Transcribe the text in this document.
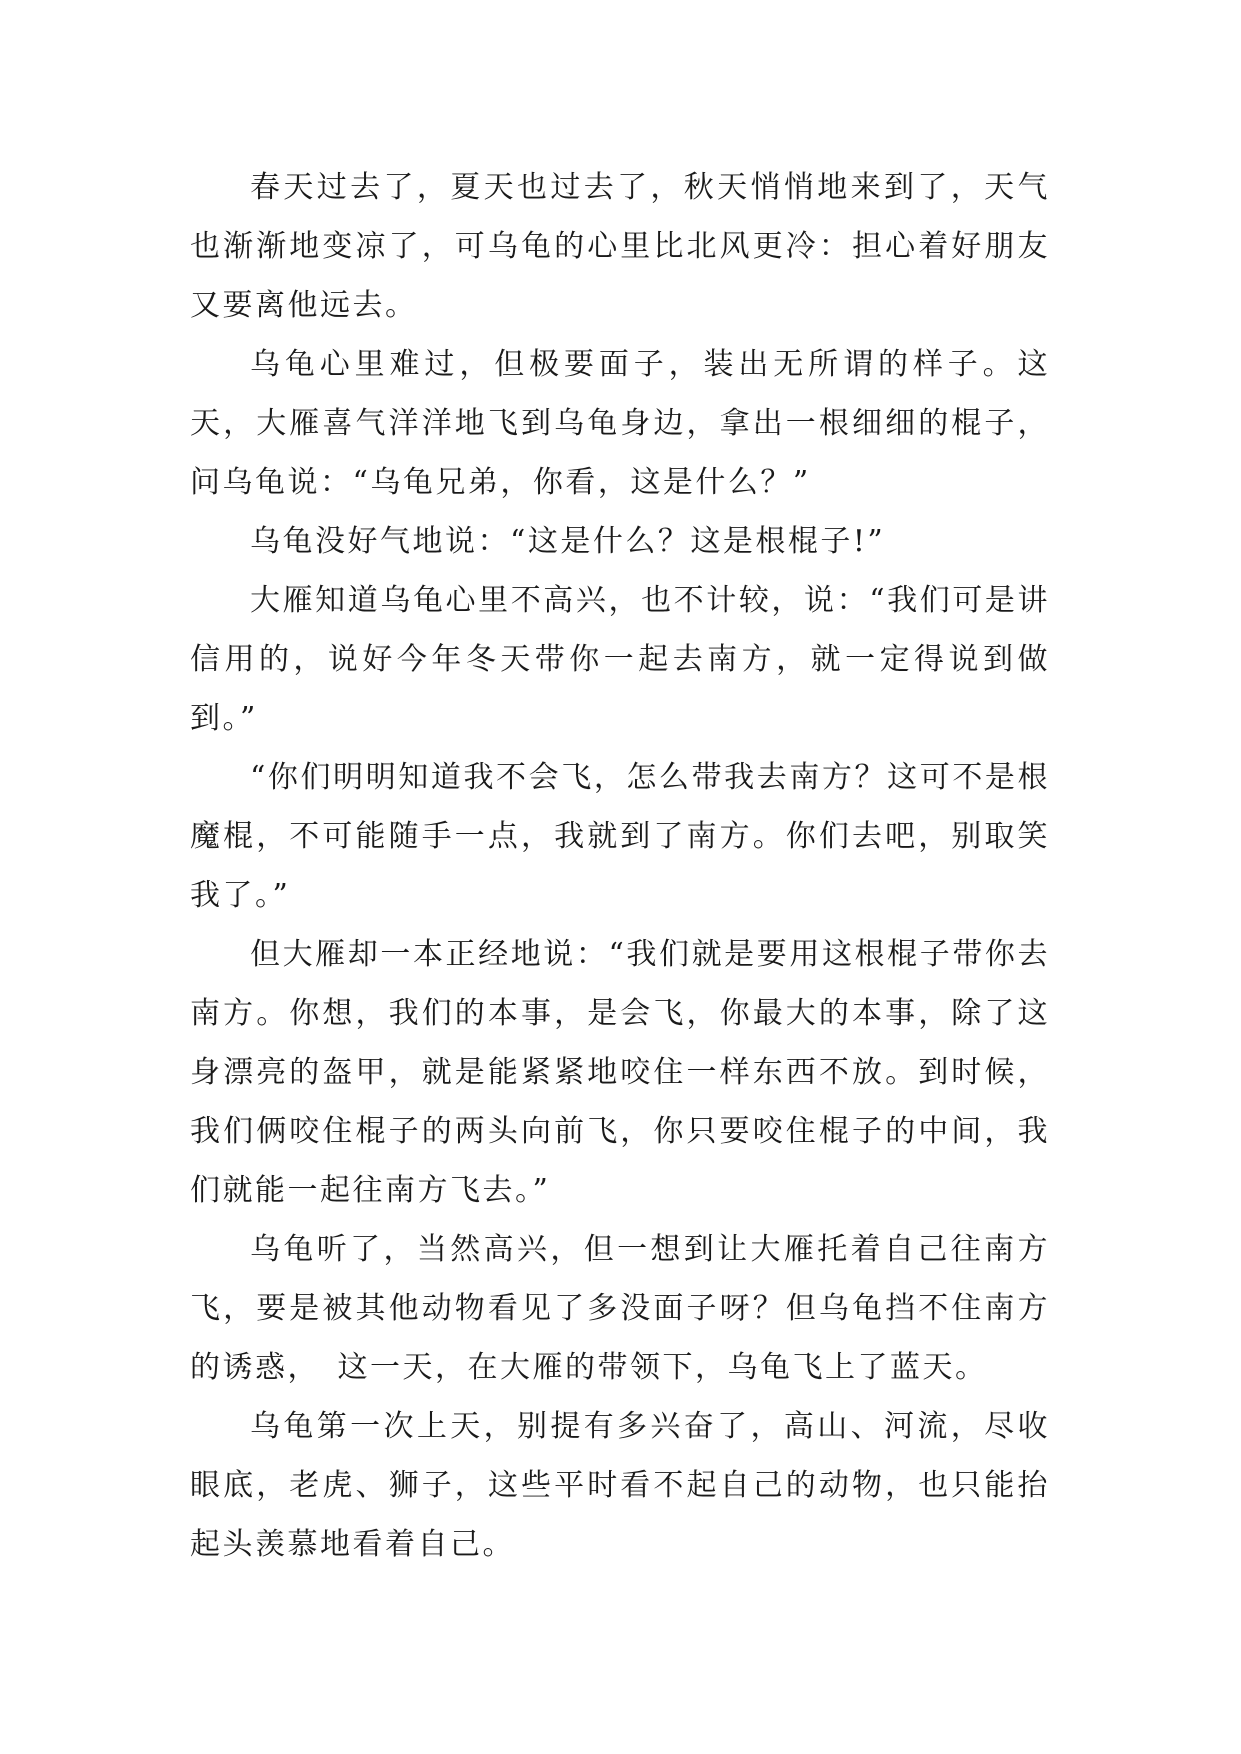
春天过去了，夏天也过去了，秋天悄悄地来到了，天气也渐渐地变凉了，可乌龟的心里比北风更冷：担心着好朋友又要离他远去。

乌龟心里难过，但极要面子，装出无所谓的样子。这天，大雁喜气洋洋地飞到乌龟身边，拿出一根细细的棍子，问乌龟说：“乌龟兄弟，你看，这是什么？”

乌龟没好气地说：“这是什么？这是根棍子!”

大雁知道乌龟心里不高兴，也不计较，说：“我们可是讲信用的，说好今年冬天带你一起去南方，就一定得说到做到。”

“你们明明知道我不会飞，怎么带我去南方？这可不是根魔棍，不可能随手一点，我就到了南方。你们去吧，别取笑我了。”

但大雁却一本正经地说：“我们就是要用这根棍子带你去南方。你想，我们的本事，是会飞，你最大的本事，除了这身漂亮的盔甲，就是能紧紧地咬住一样东西不放。到时候，我们俩咬住棍子的两头向前飞，你只要咬住棍子的中间，我们就能一起往南方飞去。”

乌龟听了，当然高兴，但一想到让大雁托着自己往南方飞，要是被其他动物看见了多没面子呀？但乌龟挡不住南方的诱惑，　这一天，在大雁的带领下，乌龟飞上了蓝天。

乌龟第一次上天，别提有多兴奋了，高山、河流，尽收眼底，老虎、狮子，这些平时看不起自己的动物，也只能抬起头羡慕地看着自己。
